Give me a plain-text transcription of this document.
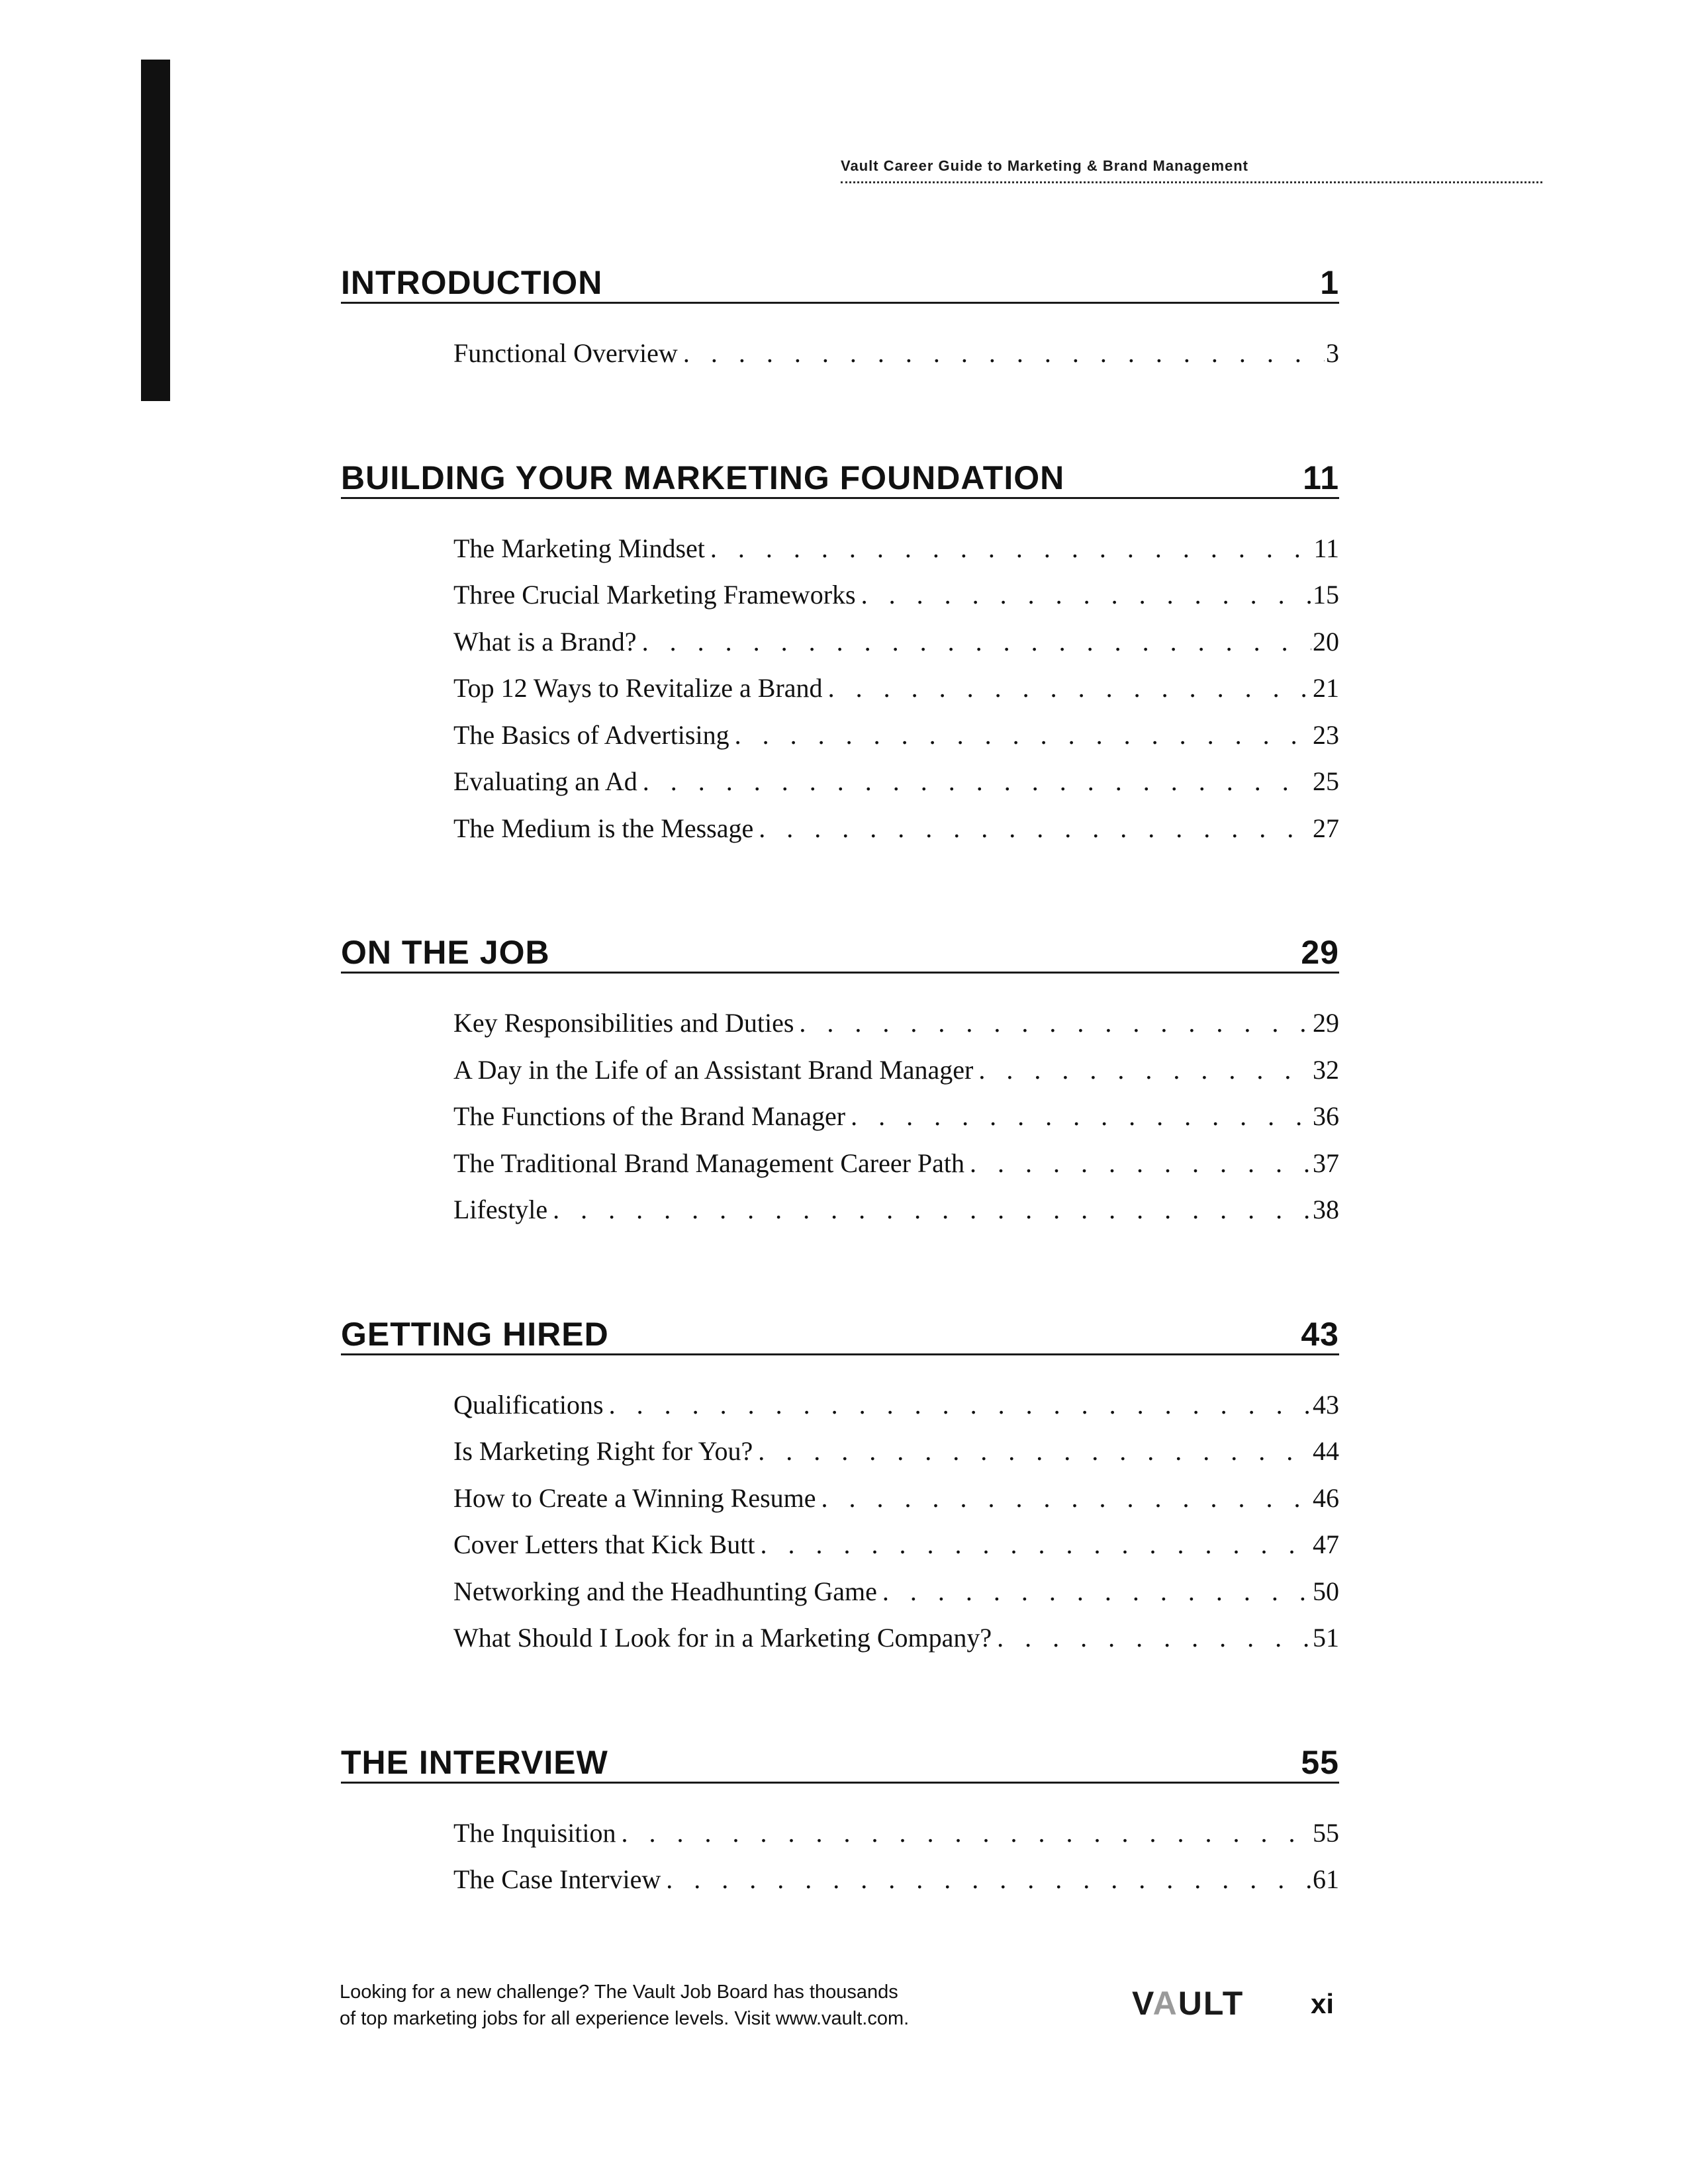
Vault Career Guide to Marketing & Brand Management
INTRODUCTION	1
Functional Overview . . .	3
BUILDING YOUR MARKETING FOUNDATION	11
The Marketing Mindset . . .	11
Three Crucial Marketing Frameworks . . .	15
What is a Brand? . . .	20
Top 12 Ways to Revitalize a Brand . . .	21
The Basics of Advertising . . .	23
Evaluating an Ad . . .	25
The Medium is the Message . . .	27
ON THE JOB	29
Key Responsibilities and Duties . . .	29
A Day in the Life of an Assistant Brand Manager . . .	32
The Functions of the Brand Manager . . .	36
The Traditional Brand Management Career Path . . .	37
Lifestyle . . .	38
GETTING HIRED	43
Qualifications . . .	43
Is Marketing Right for You? . . .	44
How to Create a Winning Resume . . .	46
Cover Letters that Kick Butt . . .	47
Networking and the Headhunting Game . . .	50
What Should I Look for in a Marketing Company? . . .	51
THE INTERVIEW	55
The Inquisition . . .	55
The Case Interview . . .	61
Looking for a new challenge? The Vault Job Board has thousands
of top marketing jobs for all experience levels. Visit www.vault.com.	VAULT xi
